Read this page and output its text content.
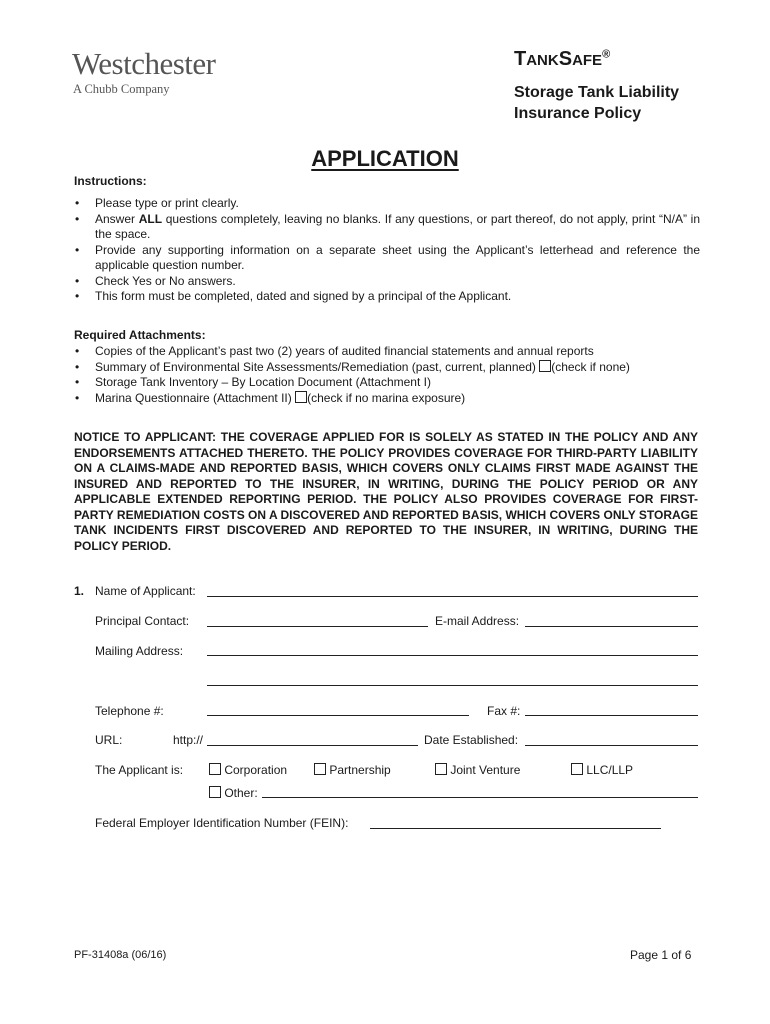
Westchester
A Chubb Company
TANKSAFE®
Storage Tank Liability
Insurance Policy
APPLICATION
Instructions:
• Please type or print clearly.
• Answer ALL questions completely, leaving no blanks. If any questions, or part thereof, do not apply, print “N/A” in the space.
• Provide any supporting information on a separate sheet using the Applicant’s letterhead and reference the applicable question number.
• Check Yes or No answers.
• This form must be completed, dated and signed by a principal of the Applicant.
Required Attachments:
• Copies of the Applicant’s past two (2) years of audited financial statements and annual reports
• Summary of Environmental Site Assessments/Remediation (past, current, planned) (check if none)
• Storage Tank Inventory – By Location Document (Attachment I)
• Marina Questionnaire (Attachment II) (check if no marina exposure)
NOTICE TO APPLICANT: THE COVERAGE APPLIED FOR IS SOLELY AS STATED IN THE POLICY AND ANY ENDORSEMENTS ATTACHED THERETO. THE POLICY PROVIDES COVERAGE FOR THIRD-PARTY LIABILITY ON A CLAIMS-MADE AND REPORTED BASIS, WHICH COVERS ONLY CLAIMS FIRST MADE AGAINST THE INSURED AND REPORTED TO THE INSURER, IN WRITING, DURING THE POLICY PERIOD OR ANY APPLICABLE EXTENDED REPORTING PERIOD. THE POLICY ALSO PROVIDES COVERAGE FOR FIRST-PARTY REMEDIATION COSTS ON A DISCOVERED AND REPORTED BASIS, WHICH COVERS ONLY STORAGE TANK INCIDENTS FIRST DISCOVERED AND REPORTED TO THE INSURER, IN WRITING, DURING THE POLICY PERIOD.
1. Name of Applicant:
Principal Contact:	E-mail Address:
Mailing Address:
Telephone #:	Fax #:
URL:	http://	Date Established:
The Applicant is:	Corporation	Partnership	Joint Venture	LLC/LLP
Other:
Federal Employer Identification Number (FEIN):
PF-31408a (06/16)	Page 1 of 6
